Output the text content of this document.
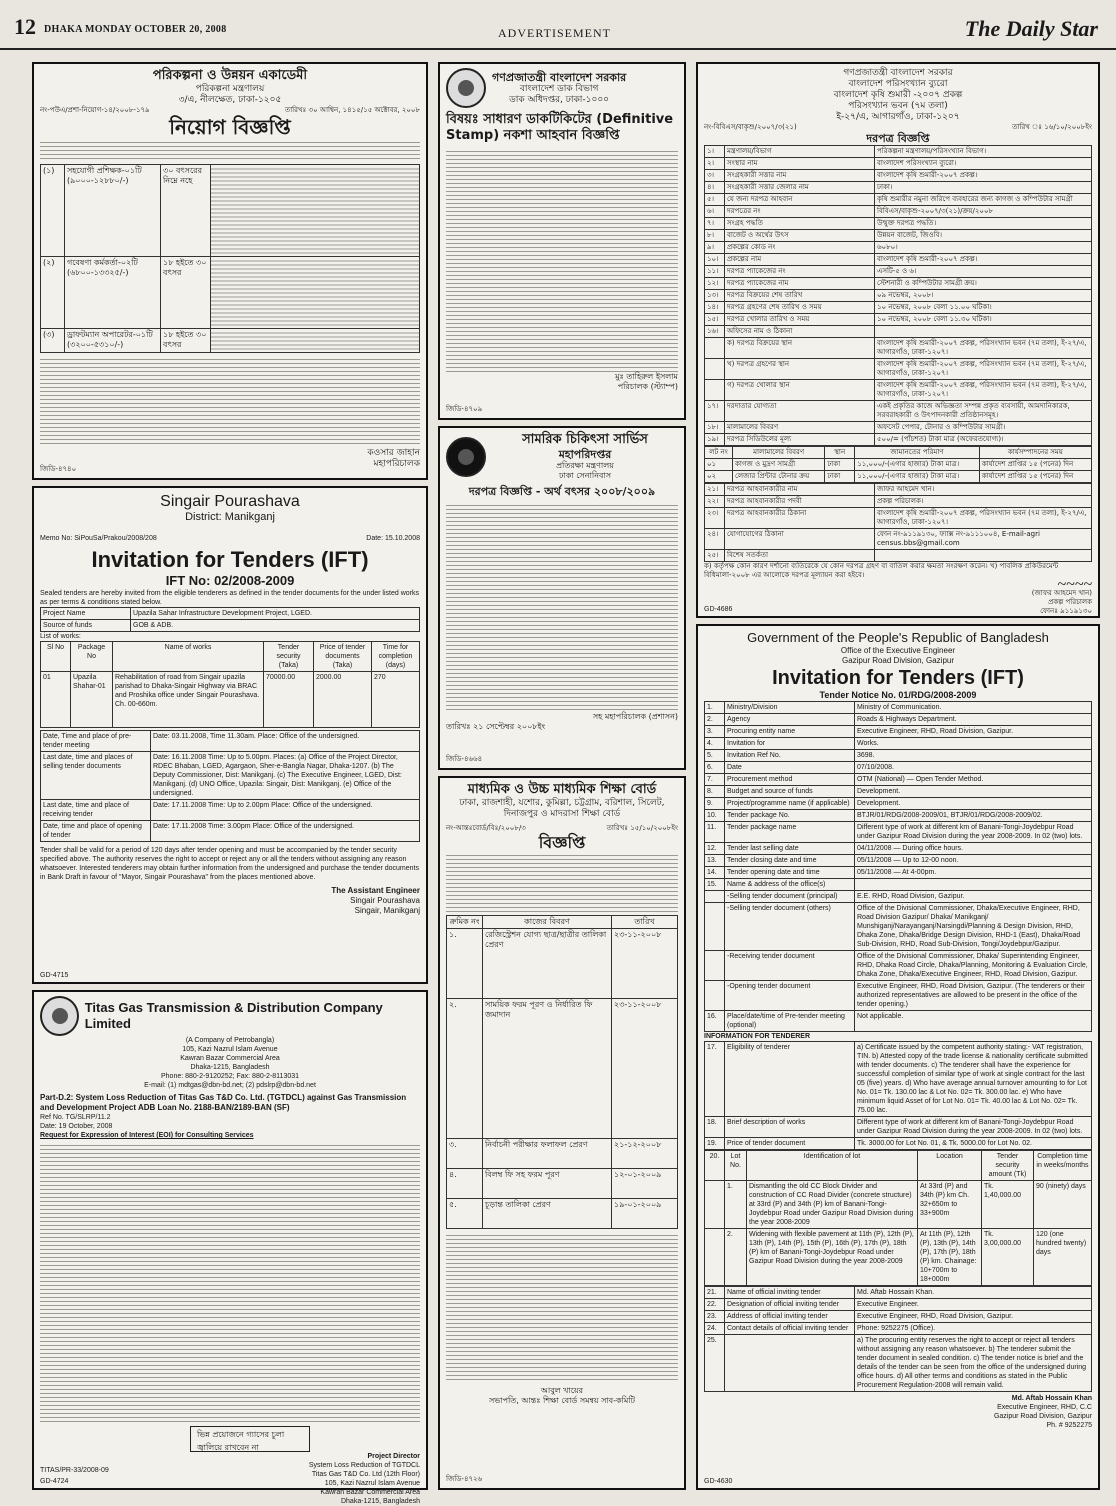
12 DHAKA MONDAY OCTOBER 20, 2008	ADVERTISEMENT	The Daily Star
পরিকল্পনা ও উন্নয়ন একাডেমী
পরিকল্পনা মন্ত্রণালয়
৩/এ, নীলক্ষেত, ঢাকা-১২০৫
নং-পউএ/প্রশা-নিয়োগ-১৪/২০০৮-১৭৯	তারিখঃ ৩০ আশ্বিন, ১৪১৫/১৫ অক্টোবর, ২০০৮
নিয়োগ বিজ্ঞপ্তি
(১)	সহযোগী প্রশিক্ষক-০১টি (৯০০০-১২৮৮০/-)	৩০ বৎসরের নিম্নে নহে	
(২)	গবেষণা কর্মকর্তা-০২টি (৬৮০০-১৩৩২৫/-)	১৮ হইতে ৩০ বৎসর	
(৩)	ড্রাফটম্যান অপারেটর-০১টি (৩২০০-৫৩১০/-)	১৮ হইতে ৩০ বৎসর	
কওসার জাহান
মহাপরিচালক
জিডি-৪৭৪০
Singair Pourashava
District: Manikganj
Memo No: SiPouSa/Prakou/2008/208	Date: 15.10.2008
Invitation for Tenders (IFT)
IFT No: 02/2008-2009
Sealed tenders are hereby invited from the eligible tenderers as defined in the tender documents for the under listed works as per terms & conditions stated below.
Project Name	Upazila Sahar Infrastructure Development Project, LGED.
Source of funds	GOB & ADB.
List of works:
Sl No	Package No	Name of works	Tender security (Taka)	Price of tender documents (Taka)	Time for completion (days)
01	Upazila Shahar-01	Rehabilitation of road from Singair upazila parishad to Dhaka-Singair Highway via BRAC and Proshika office under Singair Pourashava. Ch. 00-660m.	70000.00	2000.00	270
Date, Time and place of pre-tender meeting	Date: 03.11.2008, Time 11.30am. Place: Office of the undersigned.
Last date, time and places of selling tender documents	Date: 16.11.2008 Time: Up to 5.00pm. Places: (a) Office of the Project Director, RDEC Bhaban, LGED, Agargaon, Sher-e-Bangla Nagar, Dhaka-1207. (b) The Deputy Commissioner, Dist: Manikganj. (c) The Executive Engineer, LGED, Dist: Manikganj. (d) UNO Office, Upazila: Singair, Dist: Manikganj. (e) Office of the undersigned.
Last date, time and place of receiving tender	Date: 17.11.2008 Time: Up to 2.00pm Place: Office of the undersigned.
Date, time and place of opening of tender	Date: 17.11.2008 Time: 3.00pm Place: Office of the undersigned.
Tender shall be valid for a period of 120 days after tender opening and must be accompanied by the tender security specified above. The authority reserves the right to accept or reject any or all the tenders without assigning any reason whatsoever. Interested tenderers may obtain further information from the undersigned and purchase the tender documents in Bank Draft in favour of "Mayor, Singair Pourashava" from the places mentioned above.
The Assistant Engineer
Singair Pourashava
Singair, Manikganj
GD-4715
Titas Gas Transmission & Distribution Company Limited
(A Company of Petrobangla)
105, Kazi Nazrul Islam Avenue
Kawran Bazar Commercial Area
Dhaka-1215, Bangladesh
Phone: 880-2-9120252; Fax: 880-2-8113031
E-mail: (1) mdtgas@dbn-bd.net; (2) pdslrp@dbn-bd.net
Part-D.2: System Loss Reduction of Titas Gas T&D Co. Ltd. (TGTDCL) against Gas Transmission and Development Project ADB Loan No. 2188-BAN/2189-BAN (SF)
Ref No. TG/SLRP/11.2
Date: 19 October, 2008
Request for Expression of Interest (EOI) for Consulting Services
ভিন্ন প্রয়োজনে গ্যাসের চুলা জ্বালিয়ে রাখবেন না
Project Director
System Loss Reduction of TGTDCL
Titas Gas T&D Co. Ltd (12th Floor)
105, Kazi Nazrul Islam Avenue
Kawran Bazar Commercial Area
Dhaka-1215, Bangladesh
TITAS/PR-33/2008-09
GD-4724
গণপ্রজাতন্ত্রী বাংলাদেশ সরকার
বাংলাদেশ ডাক বিভাগ
ডাক অধিদপ্তর, ঢাকা-১০০০
বিষয়ঃ সাধারণ ডাকটিকিটের (Definitive Stamp) নকশা আহবান বিজ্ঞপ্তি
মুঃ তাহিরুল ইসলাম
পরিচালক (স্ট্যাম্প)
জিডি-৪৭০৯
সামরিক চিকিৎসা সার্ভিস
মহাপরিদপ্তর
প্রতিরক্ষা মন্ত্রণালয়
ঢাকা সেনানিবাস
দরপত্র বিজ্ঞপ্তি - অর্থ বৎসর ২০০৮/২০০৯
সহ মহাপরিচালক (প্রশাসন)
তারিখঃ ২১ সেপ্টেম্বর ২০০৮ইং
জিডি-৪৬৬৪
মাধ্যমিক ও উচ্চ মাধ্যমিক শিক্ষা বোর্ড
ঢাকা, রাজশাহী, যশোর, কুমিল্লা, চট্টগ্রাম, বরিশাল, সিলেট, দিনাজপুর ও মাদরাসা শিক্ষা বোর্ড
নং-আন্তঃবোর্ড/বিঃ/২০০৮/৩	তারিখঃ ১৫/১০/২০০৮ইং
বিজ্ঞপ্তি
ক্রমিক নং	কাজের বিবরণ	তারিখ
১.	রেজিস্ট্রেশন যোগ্য ছাত্র/ছাত্রীর তালিকা প্রেরণ	২৩-১১-২০০৮
২.	সাময়িক ফরম পূরণ ও নির্ধারিত ফি জমাদান	২৩-১১-২০০৮
৩.	নির্বাচনী পরীক্ষার ফলাফল প্রেরণ	২১-১২-২০০৮
৪.	বিলম্ব ফি সহ ফরম পূরণ	১২-০১-২০০৯
৫.	চূড়ান্ত তালিকা প্রেরণ	১৯-০১-২০০৯
আবুল খায়ের
সভাপতি, আন্তঃ শিক্ষা বোর্ড সমন্বয় সাব-কমিটি
জিডি-৪৭২৬
গণপ্রজাতন্ত্রী বাংলাদেশ সরকার
বাংলাদেশ পরিসংখ্যান ব্যুরো
বাংলাদেশ কৃষি শুমারী -২০০৭ প্রকল্প
পরিসংখ্যান ভবন (৭ম তলা)
ই-২৭/এ, আগারগাঁও, ঢাকা-১২০৭
নং-বিবিএস/বাকৃশু/২০০৭/৩(২১)	তারিখ ঃ ১৬/১০/২০০৮ইং
দরপত্র বিজ্ঞপ্তি
১।	মন্ত্রণালয়/বিভাগ	পরিকল্পনা মন্ত্রণালয়/পরিসংখ্যান বিভাগ।
২।	সংস্থার নাম	বাংলাদেশ পরিসংখ্যান ব্যুরো।
৩।	সংগ্রহকারী সত্তার নাম	বাংলাদেশ কৃষি শুমারী-২০০৭ প্রকল্প।
৪।	সংগ্রহকারী সত্তার জেলার নাম	ঢাকা।
৫।	যে জন্য দরপত্র আহবান	কৃষি শুমারীর নমুনা জরিপে ব্যবহারের জন্য কাগজ ও কম্পিউটার সামগ্রী
৬।	দরপত্রের নং	বিবিএস/বাকৃশু-২০০৭/৩(২১)/ক্রয়/২০০৮
৭।	সংগ্রহ পদ্ধতি	উন্মুক্ত দরপত্র পদ্ধতি।
৮।	বাজেট ও অর্থের উৎস	উন্নয়ন বাজেট, জিওবি।
৯।	প্রকল্পের কোড নং	৬০৮০।
১০।	প্রকল্পের নাম	বাংলাদেশ কৃষি শুমারী-২০০৭ প্রকল্প।
১১।	দরপত্র প্যাকেজের নং	এসটি-৫ ও ৬।
১২।	দরপত্র প্যাকেজের নাম	স্টেশনারী ও কম্পিউটার সামগ্রী ক্রয়।
১৩।	দরপত্র বিক্রয়ের শেষ তারিখ	০৯ নভেম্বর, ২০০৮।
১৪।	দরপত্র গ্রহণের শেষ তারিখ ও সময়	১০ নভেম্বর, ২০০৮ বেলা ১১.০০ ঘটিকা।
১৫।	দরপত্র খোলার তারিখ ও সময়	১০ নভেম্বর, ২০০৮ বেলা ১১.৩০ ঘটিকা।
১৬।	অফিসের নাম ও ঠিকানা	
	ক) দরপত্র বিক্রয়ের স্থান	বাংলাদেশ কৃষি শুমারী-২০০৭ প্রকল্প, পরিসংখ্যান ভবন (৭ম তলা), ই-২৭/এ, আগারগাঁও, ঢাকা-১২০৭।
	খ) দরপত্র গ্রহণের স্থান	বাংলাদেশ কৃষি শুমারী-২০০৭ প্রকল্প, পরিসংখ্যান ভবন (৭ম তলা), ই-২৭/এ, আগারগাঁও, ঢাকা-১২০৭।
	গ) দরপত্র খোলার স্থান	বাংলাদেশ কৃষি শুমারী-২০০৭ প্রকল্প, পরিসংখ্যান ভবন (৭ম তলা), ই-২৭/এ, আগারগাঁও, ঢাকা-১২০৭।
১৭।	দরদাতার যোগ্যতা	একই প্রকৃতির কাজে অভিজ্ঞতা সম্পন্ন প্রকৃত ব্যবসায়ী, আমদানিকারক, সরবরাহকারী ও উৎপাদনকারী প্রতিষ্ঠানসমূহ।
১৮।	মালামালের বিবরণ	অফসেট পেপার, টোনার ও কম্পিউটার সামগ্রী।
১৯।	দরপত্র সিডিউলের মূল্য	৫০০/= (পাঁচশত) টাকা মাত্র (অফেরতযোগ্য)।
লট নং	মালামালের বিবরণ	স্থান	জামানতের পরিমাণ	কার্যসম্পাদনের সময়
০১	কাগজ ও মুদ্রণ সামগ্রী	ঢাকা	১১,০০০/-(এগার হাজার) টাকা মাত্র।	কার্যাদেশ প্রাপ্তির ১৫ (পনের) দিন
০২	লেজার প্রিন্টার টোনার ক্রয়	ঢাকা	১১,০০০/-(এগার হাজার) টাকা মাত্র।	কার্যাদেশ প্রাপ্তির ১৫ (পনের) দিন
২১।	দরপত্র আহবানকারীর নাম	জাফর আহমেদ খান।
২২।	দরপত্র আহবানকারীর পদবী	প্রকল্প পরিচালক।
২৩।	দরপত্র আহবানকারীর ঠিকানা	বাংলাদেশ কৃষি শুমারী-২০০৭ প্রকল্প, পরিসংখ্যান ভবন (৭ম তলা), ই-২৭/এ, আগারগাঁও, ঢাকা-১২০৭।
২৪।	যোগাযোগের ঠিকানা	ফোন নং-৯১১৯১৩০, ফ্যাক্স নং-৯১১১০০৪, E-mail-agri census.bbs@gmail.com
২৫।	বিশেষ সতর্কতা	
ক) কর্তৃপক্ষ কোন কারণ দর্শানো ব্যতিরেকে যে কোন দরপত্র গ্রহণ বা বাতিল করার ক্ষমতা সংরক্ষণ করেন। খ) পাবলিক প্রকিউরমেন্ট বিধিমালা-২০০৮ এর আলোকে দরপত্র মূল্যায়ন করা হইবে।
~~~~
(জাফর আহমেদ খান)
প্রকল্প পরিচালক
ফোনঃ ৯১১৯১৩০
GD-4686
Government of the People's Republic of Bangladesh
Office of the Executive Engineer
Gazipur Road Division, Gazipur
Invitation for Tenders (IFT)
Tender Notice No. 01/RDG/2008-2009
1.	Ministry/Division	Ministry of Communication.
2.	Agency	Roads & Highways Department.
3.	Procuring entity name	Executive Engineer, RHD, Road Division, Gazipur.
4.	Invitation for	Works.
5.	Invitation Ref No.	3698.
6.	Date	07/10/2008.
7.	Procurement method	OTM (National) — Open Tender Method.
8.	Budget and source of funds	Development.
9.	Project/programme name (if applicable)	Development.
10.	Tender package No.	BTJR/01/RDG/2008-2009/01, BTJR/01/RDG/2008-2009/02.
11.	Tender package name	Different type of work at different km of Banani-Tongi-Joydebpur Road under Gazipur Road Division during the year 2008-2009. In 02 (two) lots.
12.	Tender last selling date	04/11/2008 — During office hours.
13.	Tender closing date and time	05/11/2008 — Up to 12-00 noon.
14.	Tender opening date and time	05/11/2008 — At 4-00pm.
15.	Name & address of the office(s)	
	-Selling tender document (principal)	E.E. RHD, Road Division, Gazipur.
	-Selling tender document (others)	Office of the Divisional Commissioner, Dhaka/Executive Engineer, RHD, Road Division Gazipur/ Dhaka/ Manikganj/ Munshiganj/Narayanganj/Narsingdi/Planning & Design Division, RHD, Dhaka Zone, Dhaka/Bridge Design Division, RHD-1 (East), Dhaka/Road Sub-Division, RHD, Road Sub-Division, Tongi/Joydebpur/Gazipur.
	-Receiving tender document	Office of the Divisional Commissioner, Dhaka/ Superintending Engineer, RHD, Dhaka Road Circle, Dhaka/Planning, Monitoring & Evaluation Circle, Dhaka Zone, Dhaka/Executive Engineer, RHD, Road Division, Gazipur.
	-Opening tender document	Executive Engineer, RHD, Road Division, Gazipur. (The tenderers or their authorized representatives are allowed to be present in the office of the tender opening.)
16.	Place/date/time of Pre-tender meeting (optional)	Not applicable.
INFORMATION FOR TENDERER
17.	Eligibility of tenderer	a) Certificate issued by the competent authority stating:- VAT registration, TIN. b) Attested copy of the trade license & nationality certificate submitted with tender documents. c) The tenderer shall have the experience for successful completion of similar type of work at single contract for the last 05 (five) years. d) Who have average annual turnover amounting to for Lot No. 01= Tk. 130.00 lac & Lot No. 02= Tk. 300.00 lac. e) Who have minimum liquid Asset of for Lot No. 01= Tk. 40.00 lac & Lot No. 02= Tk. 75.00 lac.
18.	Brief description of works	Different type of work at different km of Banani-Tongi-Joydebpur Road under Gazipur Road Division during the year 2008-2009. In 02 (two) lots.
19.	Price of tender document	Tk. 3000.00 for Lot No. 01, & Tk. 5000.00 for Lot No. 02.
20.	Lot No.	Identification of lot	Location	Tender security amount (Tk)	Completion time in weeks/months
	1.	Dismantling the old CC Block Divider and construction of CC Road Divider (concrete structure) at 33rd (P) and 34th (P) km of Banani-Tongi-Joydebpur Road under Gazipur Road Division during the year 2008-2009	At 33rd (P) and 34th (P) km Ch. 32+650m to 33+900m	Tk. 1,40,000.00	90 (ninety) days
	2.	Widening with flexible pavement at 11th (P), 12th (P), 13th (P), 14th (P), 15th (P), 16th (P), 17th (P), 18th (P) km of Banani-Tongi-Joydebpur Road under Gazipur Road Division during the year 2008-2009	At 11th (P), 12th (P), 13th (P), 14th (P), 17th (P), 18th (P) km. Chainage: 10+700m to 18+000m	Tk. 3,00,000.00	120 (one hundred twenty) days
21.	Name of official inviting tender	Md. Aftab Hossain Khan.
22.	Designation of official inviting tender	Executive Engineer.
23.	Address of official inviting tender	Executive Engineer, RHD, Road Division, Gazipur.
24.	Contact details of official inviting tender	Phone: 9252275 (Office).
25.		a) The procuring entity reserves the right to accept or reject all tenders without assigning any reason whatsoever. b) The tenderer submit the tender document in sealed condition. c) The tender notice is brief and the details of the tender can be seen from the office of the undersigned during office hours. d) All other terms and conditions as stated in the Public Procurement Regulation-2008 will remain valid.
Md. Aftab Hossain Khan
Executive Engineer, RHD, C.C
Gazipur Road Division, Gazipur
Ph. # 9252275
GD-4630
